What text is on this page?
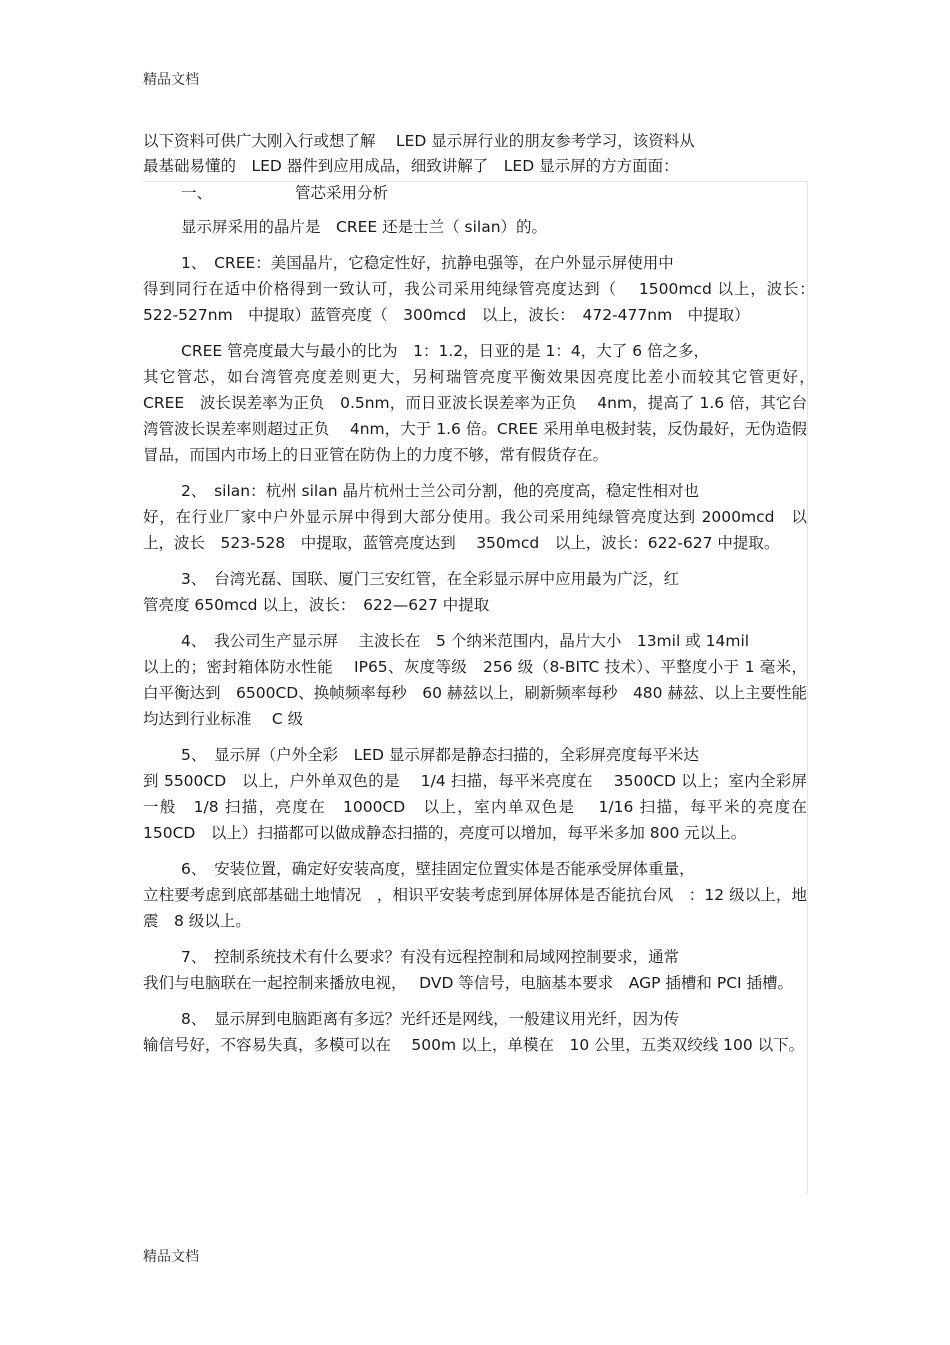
精品文档

以下资料可供广大刚入行或想了解　 LED 显示屏行业的朋友参考学习，该资料从

最基础易懂的　LED 器件到应用成品，细致讲解了　LED 显示屏的方方面面：

一、	管芯采用分析

显示屏采用的晶片是　CREE 还是士兰（ silan）的。

1、　CREE：美国晶片，它稳定性好，抗静电强等，在户外显示屏使用中
得到同行在适中价格得到一致认可，我公司采用纯绿管亮度达到（　 1500mcd 以上，波长：　522-527nm　中提取）蓝管亮度（　300mcd　以上，波长：　472-477nm　中提取）

CREE 管亮度最大与最小的比为　1：1.2，日亚的是 1：4，大了 6 倍之多，
其它管芯，如台湾管亮度差则更大，另柯瑞管亮度平衡效果因亮度比差小而较其它管更好，　CREE　波长误差率为正负　0.5nm，而日亚波长误差率为正负　 4nm，提高了 1.6 倍，其它台湾管波长误差率则超过正负　 4nm，大于 1.6 倍。CREE 采用单电极封装，反伪最好，无伪造假冒品，而国内市场上的日亚管在防伪上的力度不够，常有假货存在。

2、　silan：杭州 silan 晶片杭州士兰公司分割，他的亮度高，稳定性相对也
好，在行业厂家中户外显示屏中得到大部分使用。我公司采用纯绿管亮度达到 2000mcd　以上，波长　523-528　中提取，蓝管亮度达到　 350mcd　以上，波长：622-627 中提取。

3、　台湾光磊、国联、厦门三安红管，在全彩显示屏中应用最为广泛，红
管亮度 650mcd 以上，波长：　622—627 中提取

4、　我公司生产显示屏　 主波长在　5 个纳米范围内，晶片大小　13mil 或 14mil
以上的；密封箱体防水性能　 IP65、灰度等级　256 级（8-BITC 技术）、平整度小于 1 毫米，白平衡达到　6500CD、换帧频率每秒　60 赫兹以上，刷新频率每秒　480 赫兹、以上主要性能均达到行业标准　 C 级

5、　显示屏（户外全彩　LED 显示屏都是静态扫描的，全彩屏亮度每平米达
到 5500CD　以上，户外单双色的是　 1/4 扫描，每平米亮度在　 3500CD 以上；室内全彩屏一般　1/8 扫描，亮度在　1000CD　以上，室内单双色是　 1/16 扫描，每平米的亮度在　150CD　以上）扫描都可以做成静态扫描的，亮度可以增加，每平米多加 800 元以上。

6、　安装位置，确定好安装高度，壁挂固定位置实体是否能承受屏体重量，
立柱要考虑到底部基础土地情况　，相识平安装考虑到屏体屏体是否能抗台风　：12 级以上，地震　8 级以上。

7、　控制系统技术有什么要求？有没有远程控制和局域网控制要求，通常
我们与电脑联在一起控制来播放电视，　 DVD 等信号，电脑基本要求　AGP 插槽和 PCI 插槽。

8、　显示屏到电脑距离有多远？光纤还是网线，一般建议用光纤，因为传
输信号好，不容易失真，多模可以在　 500m 以上，单模在　10 公里，五类双绞线 100 以下。

精品文档
